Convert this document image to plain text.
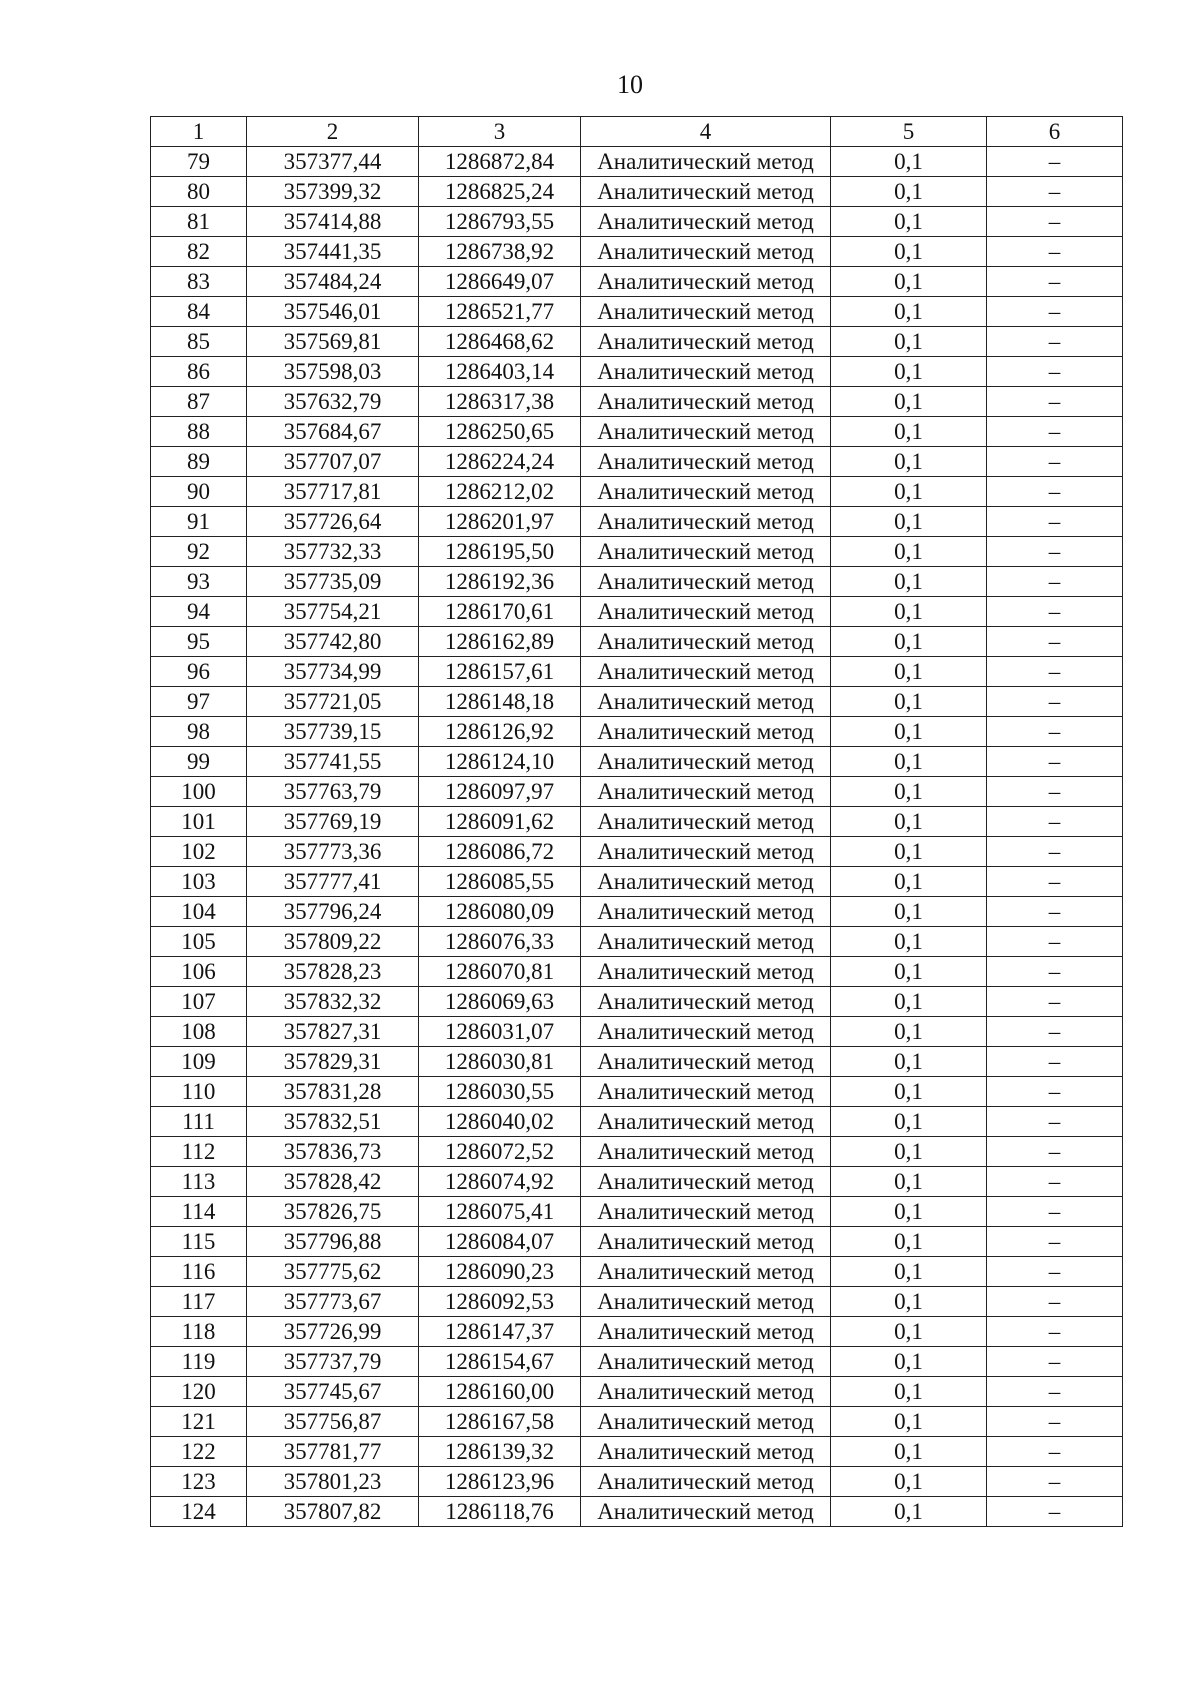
10
1	2	3	4	5	6
79	357377,44	1286872,84	Аналитический метод	0,1	–
80	357399,32	1286825,24	Аналитический метод	0,1	–
81	357414,88	1286793,55	Аналитический метод	0,1	–
82	357441,35	1286738,92	Аналитический метод	0,1	–
83	357484,24	1286649,07	Аналитический метод	0,1	–
84	357546,01	1286521,77	Аналитический метод	0,1	–
85	357569,81	1286468,62	Аналитический метод	0,1	–
86	357598,03	1286403,14	Аналитический метод	0,1	–
87	357632,79	1286317,38	Аналитический метод	0,1	–
88	357684,67	1286250,65	Аналитический метод	0,1	–
89	357707,07	1286224,24	Аналитический метод	0,1	–
90	357717,81	1286212,02	Аналитический метод	0,1	–
91	357726,64	1286201,97	Аналитический метод	0,1	–
92	357732,33	1286195,50	Аналитический метод	0,1	–
93	357735,09	1286192,36	Аналитический метод	0,1	–
94	357754,21	1286170,61	Аналитический метод	0,1	–
95	357742,80	1286162,89	Аналитический метод	0,1	–
96	357734,99	1286157,61	Аналитический метод	0,1	–
97	357721,05	1286148,18	Аналитический метод	0,1	–
98	357739,15	1286126,92	Аналитический метод	0,1	–
99	357741,55	1286124,10	Аналитический метод	0,1	–
100	357763,79	1286097,97	Аналитический метод	0,1	–
101	357769,19	1286091,62	Аналитический метод	0,1	–
102	357773,36	1286086,72	Аналитический метод	0,1	–
103	357777,41	1286085,55	Аналитический метод	0,1	–
104	357796,24	1286080,09	Аналитический метод	0,1	–
105	357809,22	1286076,33	Аналитический метод	0,1	–
106	357828,23	1286070,81	Аналитический метод	0,1	–
107	357832,32	1286069,63	Аналитический метод	0,1	–
108	357827,31	1286031,07	Аналитический метод	0,1	–
109	357829,31	1286030,81	Аналитический метод	0,1	–
110	357831,28	1286030,55	Аналитический метод	0,1	–
111	357832,51	1286040,02	Аналитический метод	0,1	–
112	357836,73	1286072,52	Аналитический метод	0,1	–
113	357828,42	1286074,92	Аналитический метод	0,1	–
114	357826,75	1286075,41	Аналитический метод	0,1	–
115	357796,88	1286084,07	Аналитический метод	0,1	–
116	357775,62	1286090,23	Аналитический метод	0,1	–
117	357773,67	1286092,53	Аналитический метод	0,1	–
118	357726,99	1286147,37	Аналитический метод	0,1	–
119	357737,79	1286154,67	Аналитический метод	0,1	–
120	357745,67	1286160,00	Аналитический метод	0,1	–
121	357756,87	1286167,58	Аналитический метод	0,1	–
122	357781,77	1286139,32	Аналитический метод	0,1	–
123	357801,23	1286123,96	Аналитический метод	0,1	–
124	357807,82	1286118,76	Аналитический метод	0,1	–
